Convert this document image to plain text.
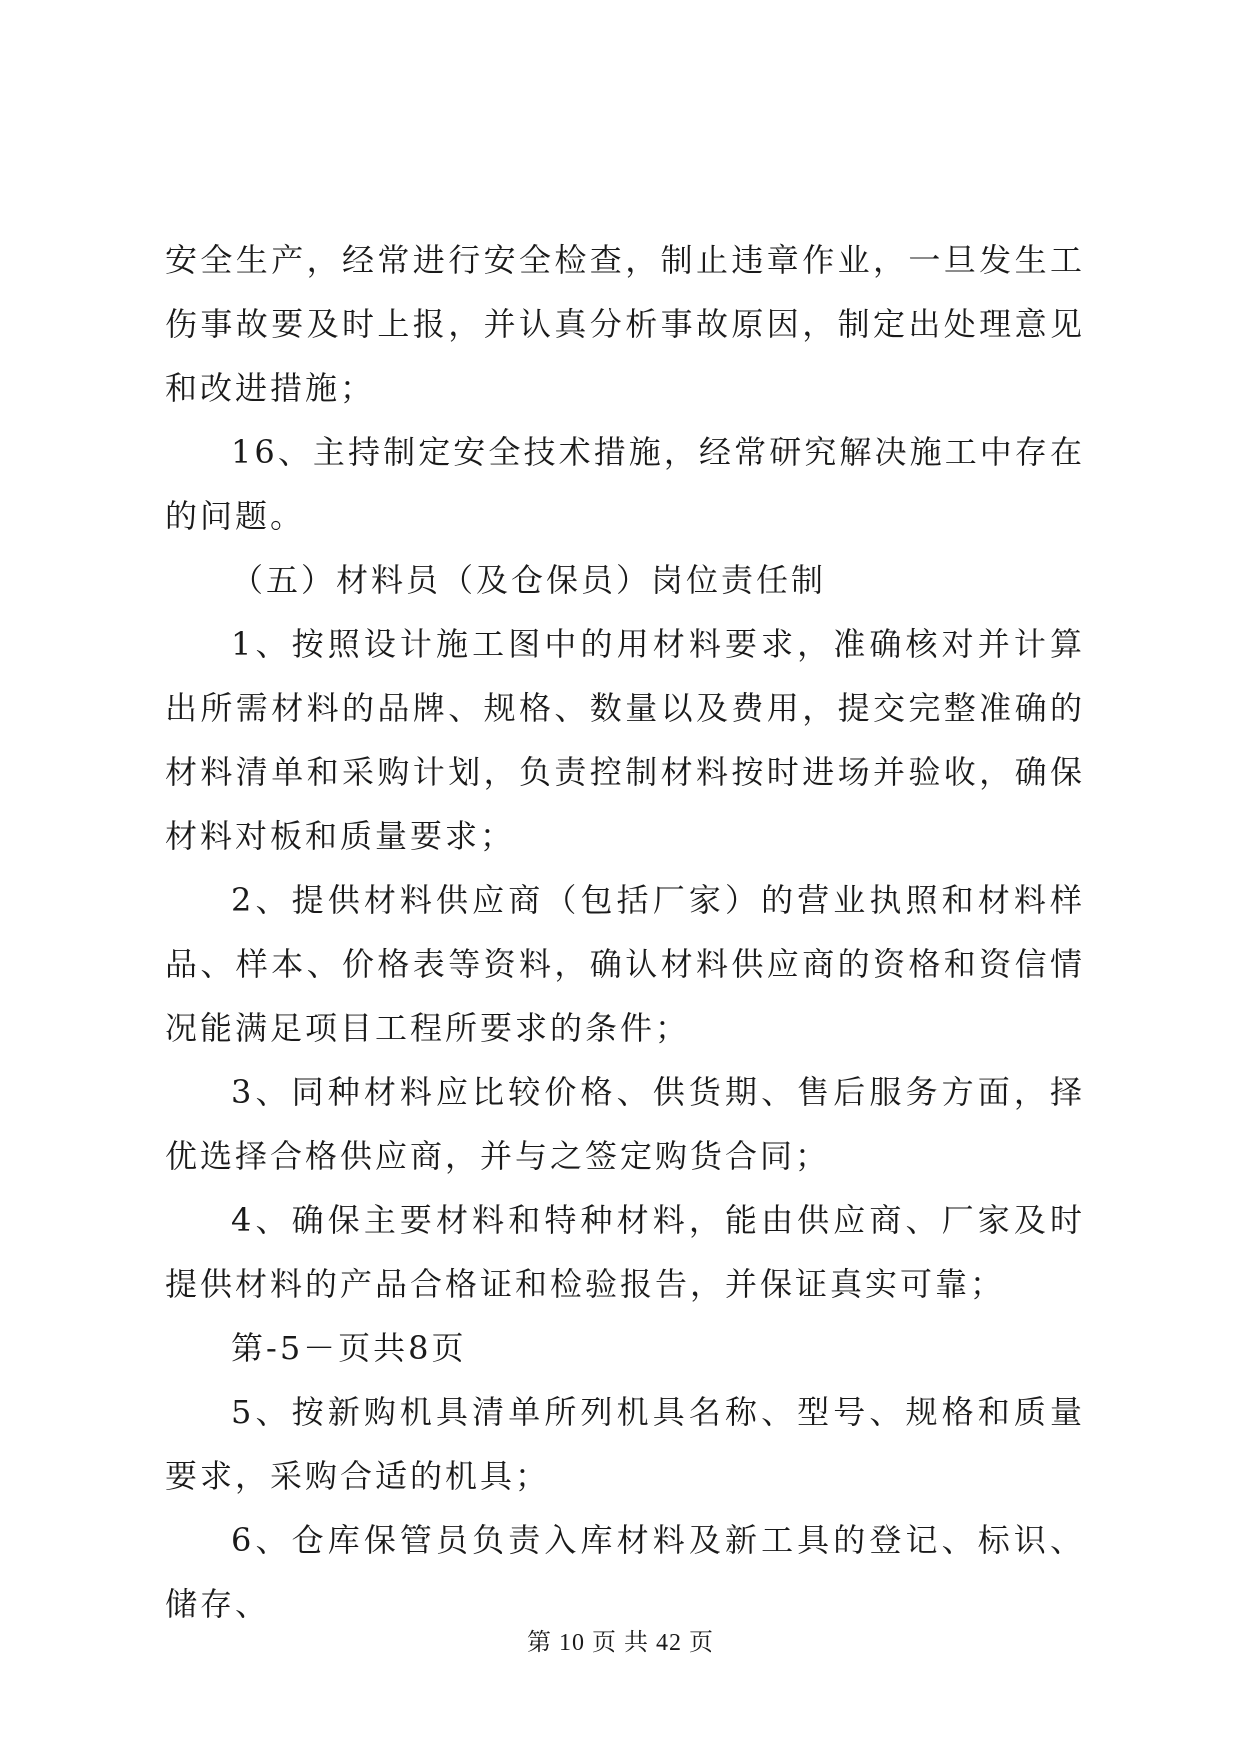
安全生产，经常进行安全检查，制止违章作业，一旦发生工伤事故要及时上报，并认真分析事故原因，制定出处理意见和改进措施；

16、主持制定安全技术措施，经常研究解决施工中存在的问题。

（五）材料员（及仓保员）岗位责任制

1、按照设计施工图中的用材料要求，准确核对并计算出所需材料的品牌、规格、数量以及费用，提交完整准确的材料清单和采购计划，负责控制材料按时进场并验收，确保材料对板和质量要求；

2、提供材料供应商（包括厂家）的营业执照和材料样品、样本、价格表等资料，确认材料供应商的资格和资信情况能满足项目工程所要求的条件；

3、同种材料应比较价格、供货期、售后服务方面，择优选择合格供应商，并与之签定购货合同；

4、确保主要材料和特种材料，能由供应商、厂家及时提供材料的产品合格证和检验报告，并保证真实可靠；

第-5－页共8页

5、按新购机具清单所列机具名称、型号、规格和质量要求，采购合适的机具；

6、仓库保管员负责入库材料及新工具的登记、标识、储存、

第 10 页 共 42 页
